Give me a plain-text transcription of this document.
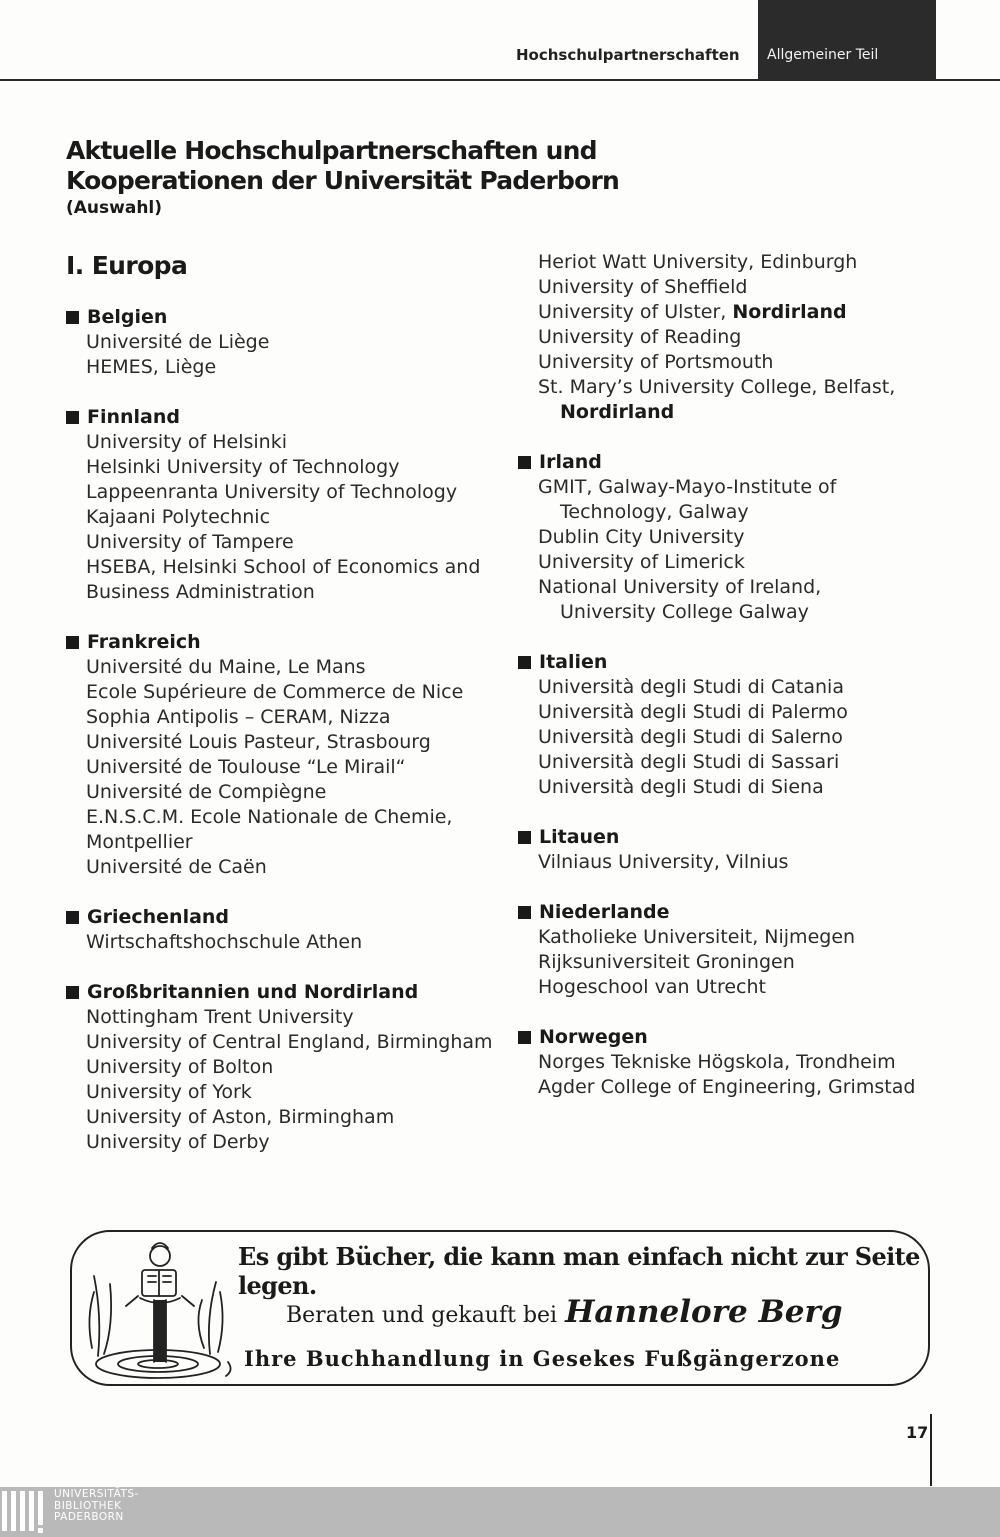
Hochschulpartnerschaften Allgemeiner Teil
Aktuelle Hochschulpartnerschaften und
Kooperationen der Universität Paderborn
(Auswahl)
I. Europa
Belgien
Université de Liège
HEMES, Liège
Finnland
University of Helsinki
Helsinki University of Technology
Lappeenranta University of Technology
Kajaani Polytechnic
University of Tampere
HSEBA, Helsinki School of Economics and
Business Administration
Frankreich
Université du Maine, Le Mans
Ecole Supérieure de Commerce de Nice
Sophia Antipolis – CERAM, Nizza
Université Louis Pasteur, Strasbourg
Université de Toulouse “Le Mirail“
Université de Compiègne
E.N.S.C.M. Ecole Nationale de Chemie,
Montpellier
Université de Caën
Griechenland
Wirtschaftshochschule Athen
Großbritannien und Nordirland
Nottingham Trent University
University of Central England, Birmingham
University of Bolton
University of York
University of Aston, Birmingham
University of Derby
Heriot Watt University, Edinburgh
University of Sheffield
University of Ulster, Nordirland
University of Reading
University of Portsmouth
St. Mary’s University College, Belfast,
Nordirland
Irland
GMIT, Galway-Mayo-Institute of Technology, Galway
Dublin City University
University of Limerick
National University of Ireland, University College Galway
Italien
Università degli Studi di Catania
Università degli Studi di Palermo
Università degli Studi di Salerno
Università degli Studi di Sassari
Università degli Studi di Siena
Litauen
Vilniaus University, Vilnius
Niederlande
Katholieke Universiteit, Nijmegen
Rijksuniversiteit Groningen
Hogeschool van Utrecht
Norwegen
Norges Tekniske Högskola, Trondheim
Agder College of Engineering, Grimstad
Es gibt Bücher, die kann man einfach nicht zur Seite legen.
Beraten und gekauft bei Hannelore Berg
Ihre Buchhandlung in Gesekes Fußgängerzone
17
UNIVERSITÄTS-
BIBLIOTHEK
PADERBORN
